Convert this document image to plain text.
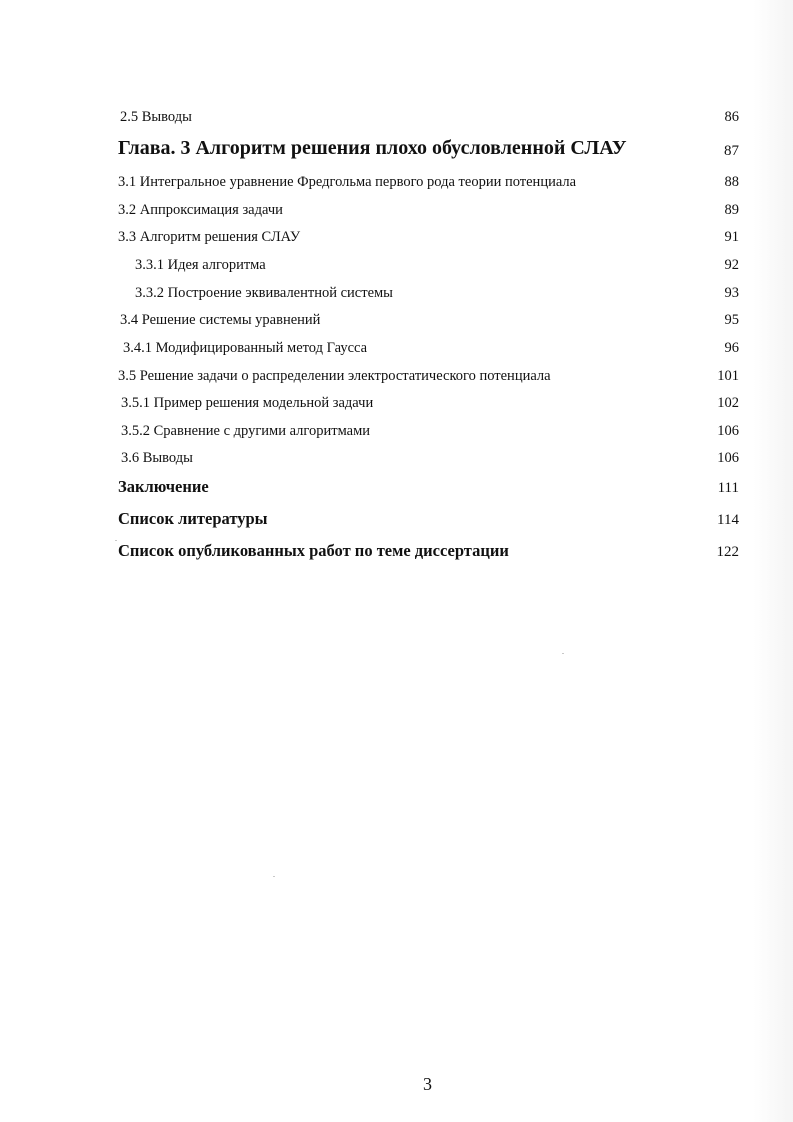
2.5 Выводы	86
Глава. 3 Алгоритм решения плохо обусловленной СЛАУ	87
3.1 Интегральное уравнение Фредгольма первого рода теории потенциала	88
3.2 Аппроксимация задачи	89
3.3 Алгоритм решения СЛАУ	91
3.3.1 Идея алгоритма	92
3.3.2 Построение эквивалентной системы	93
3.4 Решение системы уравнений	95
3.4.1 Модифицированный метод Гаусса	96
3.5 Решение задачи о распределении электростатического потенциала	101
3.5.1 Пример решения модельной задачи	102
3.5.2 Сравнение с другими алгоритмами	106
3.6 Выводы	106
Заключение	111
Список литературы	114
Список опубликованных работ по теме диссертации	122
3
